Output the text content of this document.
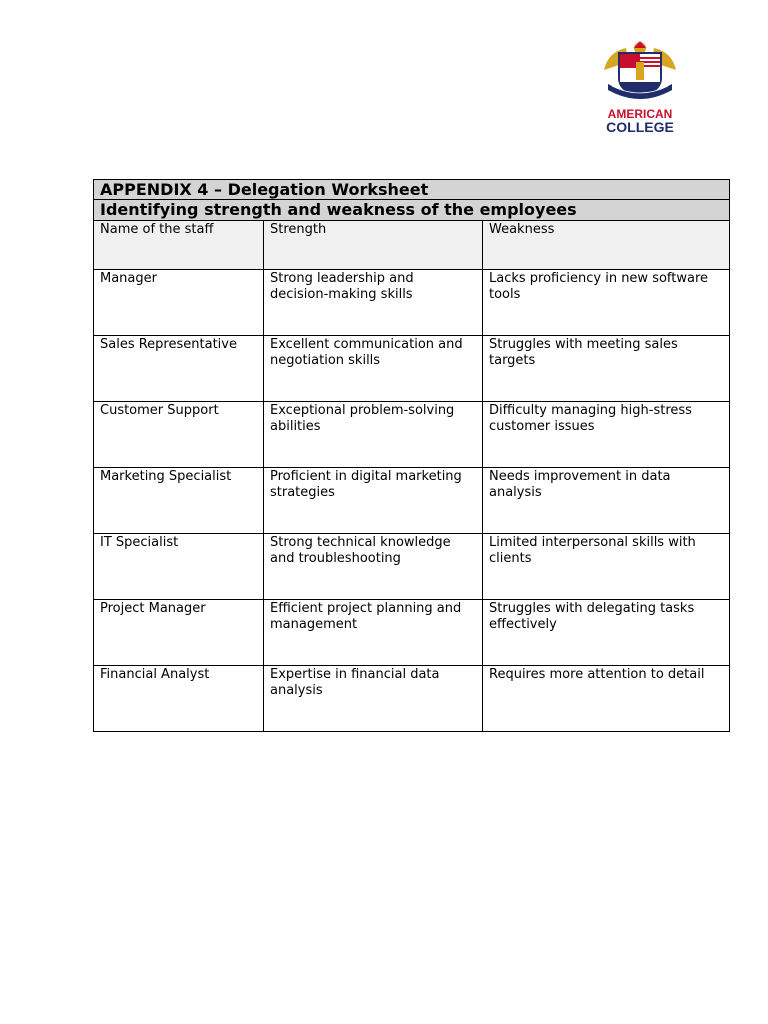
AMERICAN
COLLEGE
APPENDIX 4 – Delegation Worksheet		
Identifying strength and weakness of the employees		
Name of the staff	Strength	Weakness
Manager	Strong leadership and decision-making skills	Lacks proficiency in new software tools
Sales Representative	Excellent communication and negotiation skills	Struggles with meeting sales targets
Customer Support	Exceptional problem-solving abilities	Difficulty managing high-stress customer issues
Marketing Specialist	Proficient in digital marketing strategies	Needs improvement in data analysis
IT Specialist	Strong technical knowledge and troubleshooting	Limited interpersonal skills with clients
Project Manager	Efficient project planning and management	Struggles with delegating tasks effectively
Financial Analyst	Expertise in financial data analysis	Requires more attention to detail
